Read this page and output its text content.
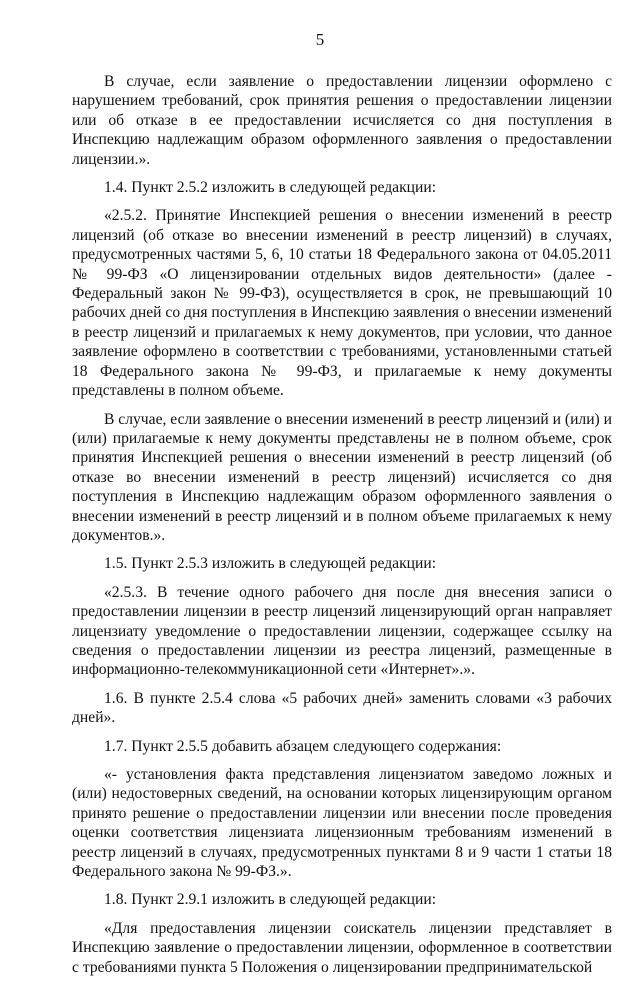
5

В случае, если заявление о предоставлении лицензии оформлено с нарушением требований, срок принятия решения о предоставлении лицензии или об отказе в ее предоставлении исчисляется со дня поступления в Инспекцию надлежащим образом оформленного заявления о предоставлении лицензии.».

1.4. Пункт 2.5.2 изложить в следующей редакции:

«2.5.2. Принятие Инспекцией решения о внесении изменений в реестр лицензий (об отказе во внесении изменений в реестр лицензий) в случаях, предусмотренных частями 5, 6, 10 статьи 18 Федерального закона от 04.05.2011 № 99-ФЗ «О лицензировании отдельных видов деятельности» (далее - Федеральный закон № 99-ФЗ), осуществляется в срок, не превышающий 10 рабочих дней со дня поступления в Инспекцию заявления о внесении изменений в реестр лицензий и прилагаемых к нему документов, при условии, что данное заявление оформлено в соответствии с требованиями, установленными статьей 18 Федерального закона № 99-ФЗ, и прилагаемые к нему документы представлены в полном объеме.

В случае, если заявление о внесении изменений в реестр лицензий и (или) и (или) прилагаемые к нему документы представлены не в полном объеме, срок принятия Инспекцией решения о внесении изменений в реестр лицензий (об отказе во внесении изменений в реестр лицензий) исчисляется со дня поступления в Инспекцию надлежащим образом оформленного заявления о внесении изменений в реестр лицензий и в полном объеме прилагаемых к нему документов.».

1.5. Пункт 2.5.3 изложить в следующей редакции:

«2.5.3. В течение одного рабочего дня после дня внесения записи о предоставлении лицензии в реестр лицензий лицензирующий орган направляет лицензиату уведомление о предоставлении лицензии, содержащее ссылку на сведения о предоставлении лицензии из реестра лицензий, размещенные в информационно-телекоммуникационной сети «Интернет».».

1.6. В пункте 2.5.4 слова «5 рабочих дней» заменить словами «3 рабочих дней».

1.7. Пункт 2.5.5 добавить абзацем следующего содержания:

«- установления факта представления лицензиатом заведомо ложных и (или) недостоверных сведений, на основании которых лицензирующим органом принято решение о предоставлении лицензии или внесении после проведения оценки соответствия лицензиата лицензионным требованиям изменений в реестр лицензий в случаях, предусмотренных пунктами 8 и 9 части 1 статьи 18 Федерального закона № 99-ФЗ.».

1.8. Пункт 2.9.1 изложить в следующей редакции:

«Для предоставления лицензии соискатель лицензии представляет в Инспекцию заявление о предоставлении лицензии, оформленное в соответствии с требованиями пункта 5 Положения о лицензировании предпринимательской
